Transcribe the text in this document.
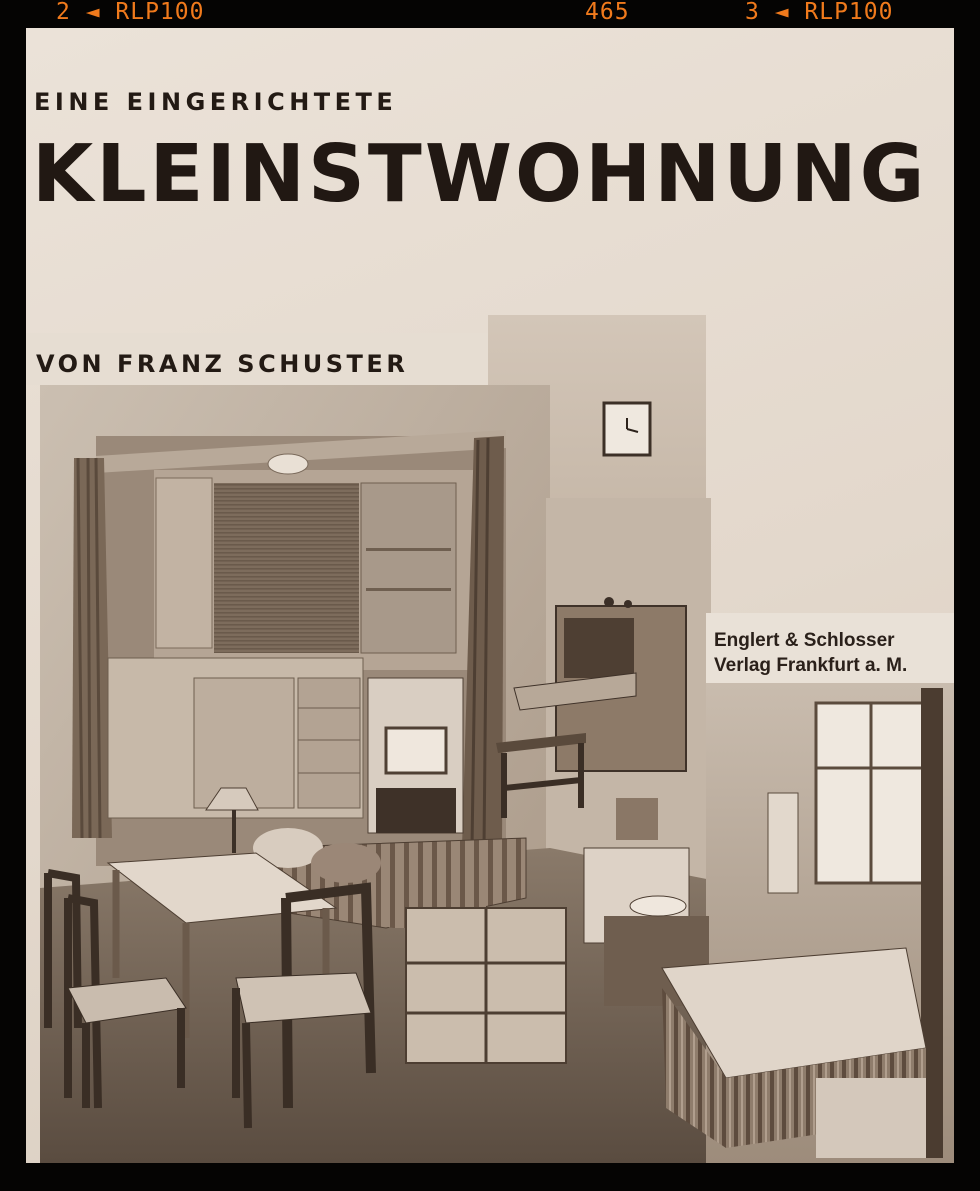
2 ◄ RLP100	465	3 ◄ RLP100
EINE EINGERICHTETE
KLEINSTWOHNUNG
VON FRANZ SCHUSTER
Englert & Schlosser
Verlag Frankfurt a. M.
